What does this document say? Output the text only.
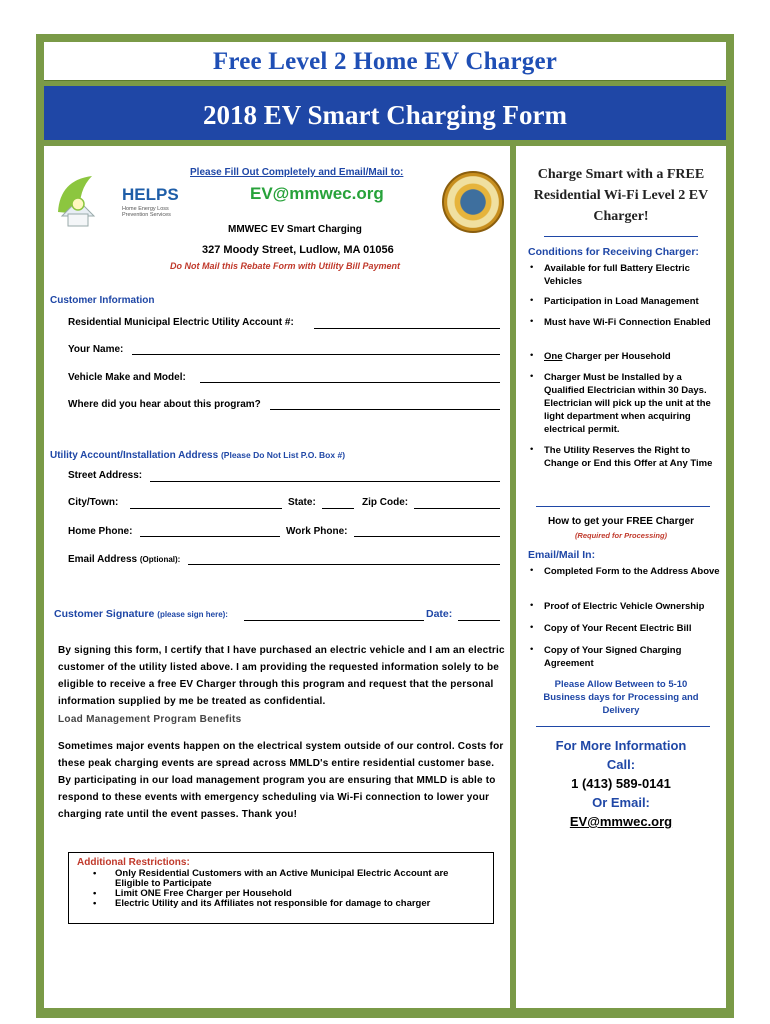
Free Level 2 Home EV Charger
2018 EV Smart Charging Form
HELPS
Home Energy Loss
Prevention Services
Please Fill Out Completely and Email/Mail to:
EV@mmwec.org
MMWEC EV Smart Charging
327 Moody Street, Ludlow, MA 01056
Do Not Mail this Rebate Form with Utility Bill Payment
Customer Information
Residential Municipal Electric Utility Account #:
Your Name:
Vehicle Make and Model:
Where did you hear about this program?
Utility Account/Installation Address (Please Do Not List P.O. Box #)
Street Address:
City/Town:	State:	Zip Code:
Home Phone:	Work Phone:
Email Address (Optional):
Customer Signature (please sign here):	Date:
By signing this form, I certify that I have purchased an electric vehicle and I am an electric
customer of the utility listed above. I am providing the requested information solely to be
eligible to receive a free EV Charger through this program and request that the personal
information supplied by me be treated as confidential.
Load Management Program Benefits
Sometimes major events happen on the electrical system outside of our control. Costs for
these peak charging events are spread across MMLD's entire residential customer base.
By participating in our load management program you are ensuring that MMLD is able to
respond to these events with emergency scheduling via Wi-Fi connection to lower your
charging rate until the event passes. Thank you!
Additional Restrictions:
• Only Residential Customers with an Active Municipal Electric Account are Eligible to Participate
• Limit ONE Free Charger per Household
• Electric Utility and its Affiliates not responsible for damage to charger
Charge Smart with a FREE
Residential Wi-Fi Level 2 EV
Charger!
Conditions for Receiving Charger:
• Available for full Battery Electric Vehicles
• Participation in Load Management
• Must have Wi-Fi Connection Enabled
• One Charger per Household
• Charger Must be Installed by a Qualified Electrician within 30 Days. Electrician will pick up the unit at the light department when acquiring electrical permit.
• The Utility Reserves the Right to Change or End this Offer at Any Time
How to get your FREE Charger
(Required for Processing)
Email/Mail In:
• Completed Form to the Address Above
• Proof of Electric Vehicle Ownership
• Copy of Your Recent Electric Bill
• Copy of Your Signed Charging Agreement
Please Allow Between to 5-10
Business days for Processing and
Delivery
For More Information
Call:
1 (413) 589-0141
Or Email:
EV@mmwec.org
